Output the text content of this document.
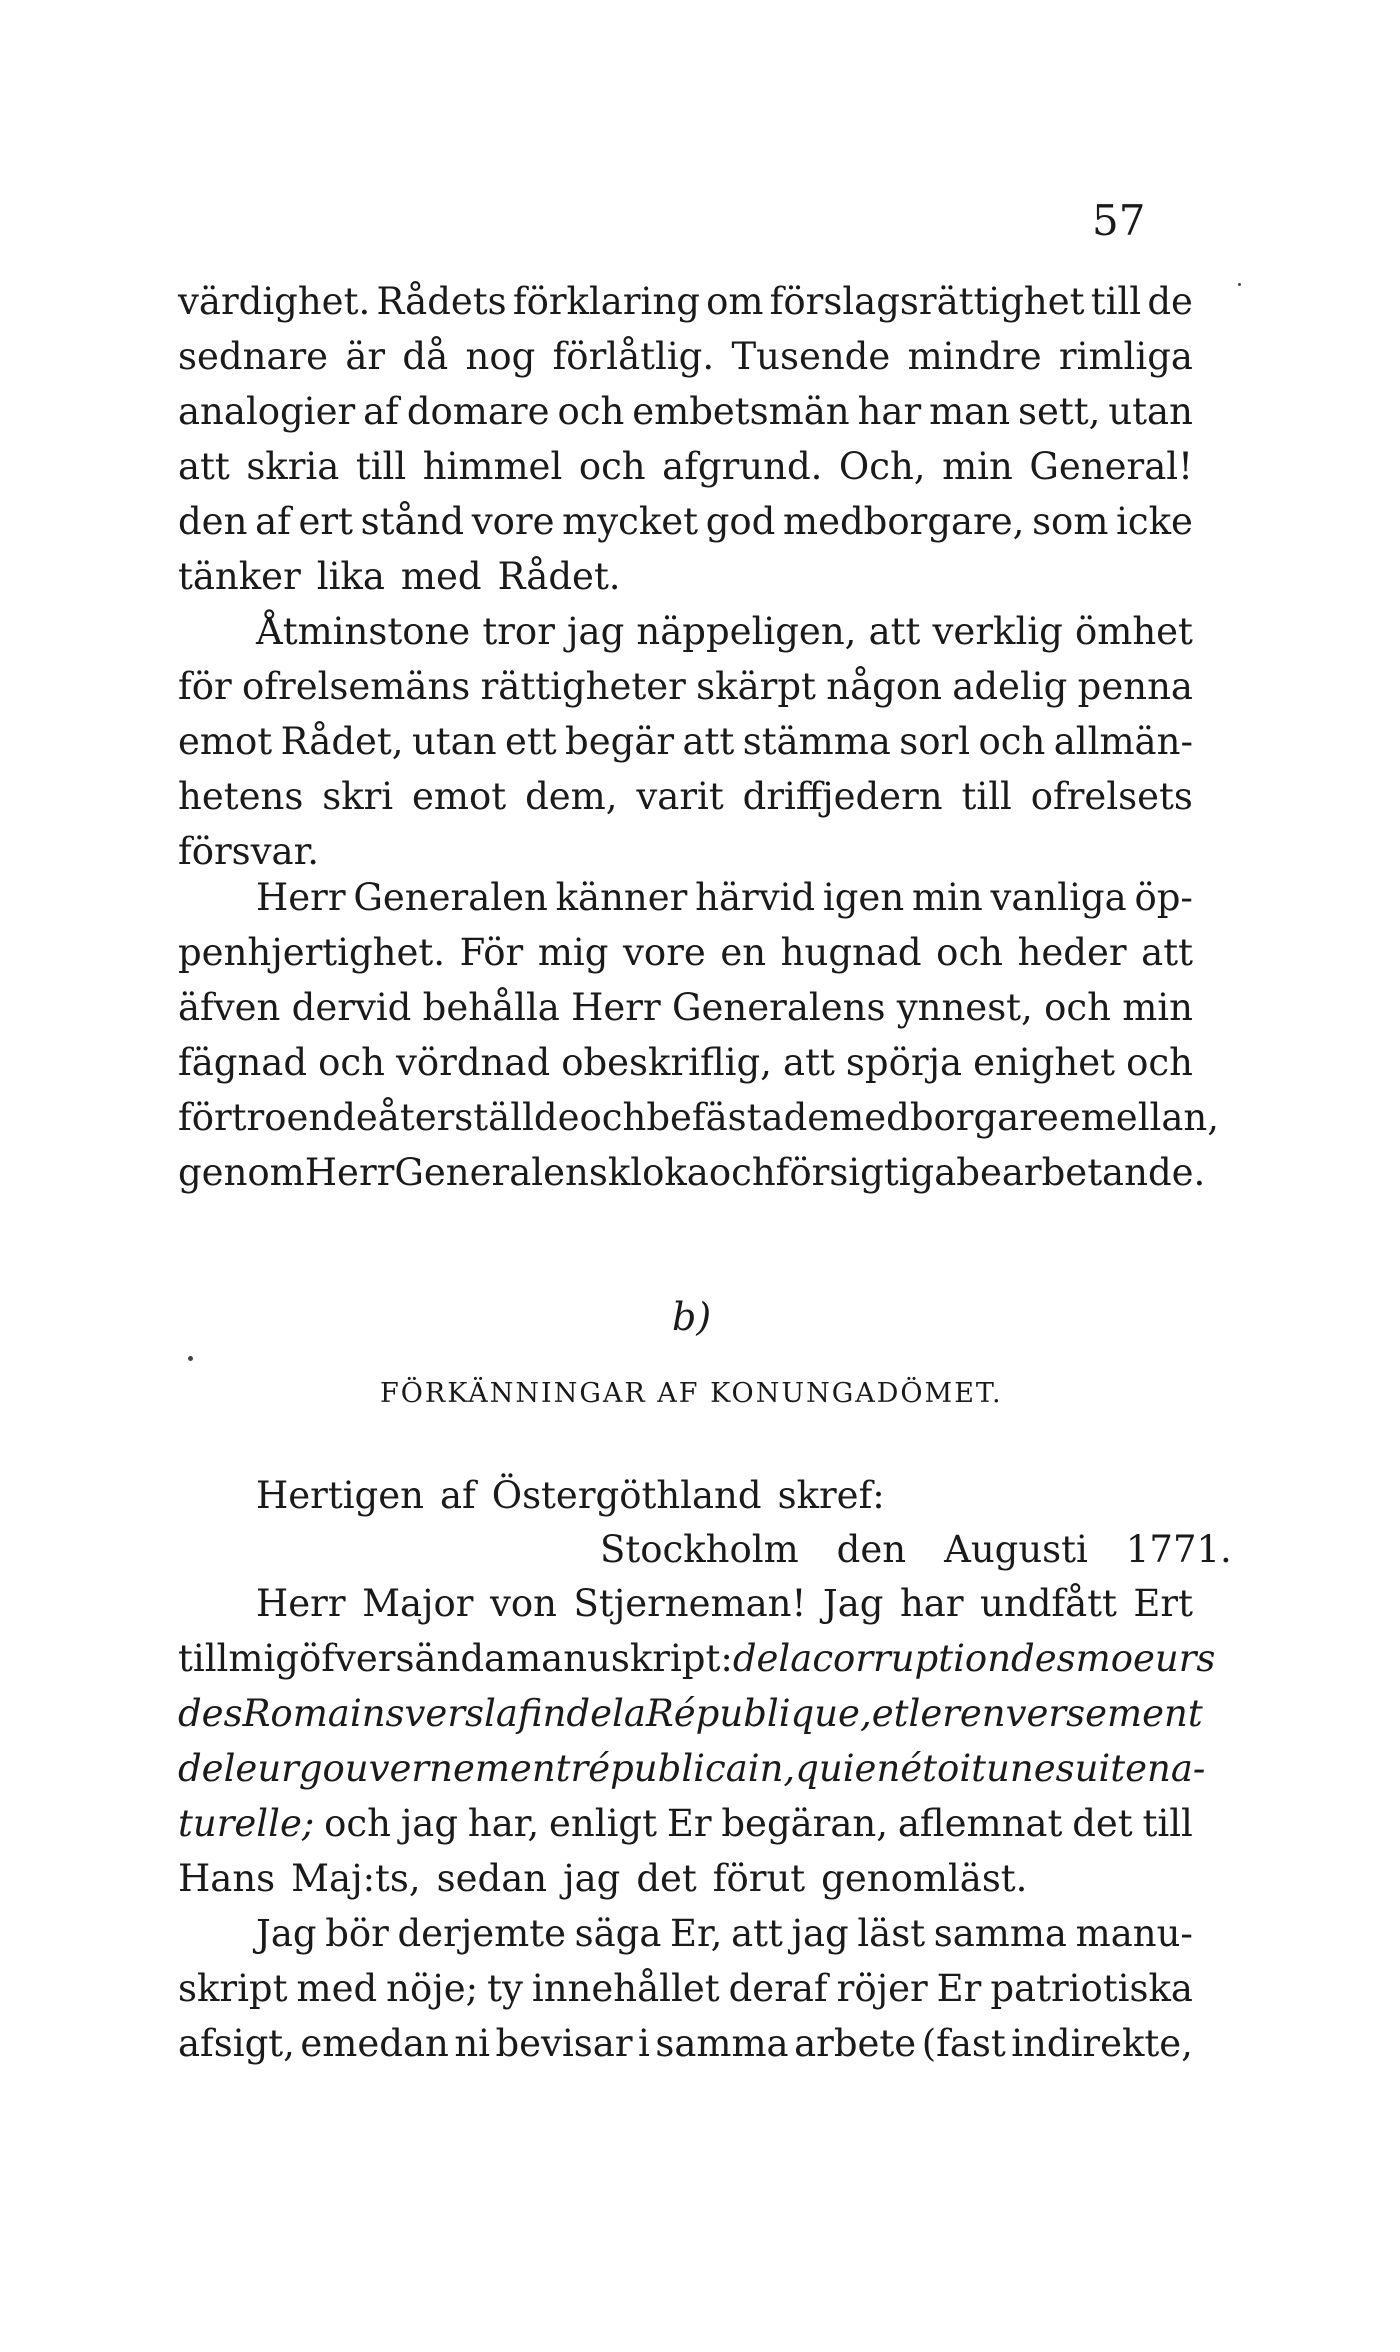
57
värdighet. Rådets förklaring om förslagsrättighet till de
sednare är då nog förlåtlig. Tusende mindre rimliga
analogier af domare och embetsmän har man sett, utan
att skria till himmel och afgrund. Och, min General!
den af ert stånd vore mycket god medborgare, som icke
tänker lika med Rådet.
Åtminstone tror jag näppeligen, att verklig ömhet
för ofrelsemäns rättigheter skärpt någon adelig penna
emot Rådet, utan ett begär att stämma sorl och allmän-
hetens skri emot dem, varit driffjedern till ofrelsets
försvar.
Herr Generalen känner härvid igen min vanliga öp-
penhjertighet. För mig vore en hugnad och heder att
äfven dervid behålla Herr Generalens ynnest, och min
fägnad och vördnad obeskriflig, att spörja enighet och
förtroende återställde och befästade medborgare emellan,
genom Herr Generalens kloka och försigtiga bearbetande.
b)
FÖRKÄNNINGAR AF KONUNGADÖMET.
Hertigen af Östergöthland skref:
Stockholm den Augusti 1771.
Herr Major von Stjerneman! Jag har undfått Ert
till mig öfversända manuskript: de la corruption des moeurs
des Romains vers la fin de la Républiqu​e, et le renversement
de leur gouvernement républicain, qui en étoit une suite na-
turelle; och jag har, enligt Er begäran, aflemnat det till
Hans Maj:ts, sedan jag det förut genomläst.
Jag bör derjemte säga Er, att jag läst samma manu-
skript med nöje; ty innehållet deraf röjer Er patriotiska
afsigt, emedan ni bevisar i samma arbete (fast indirekte,
